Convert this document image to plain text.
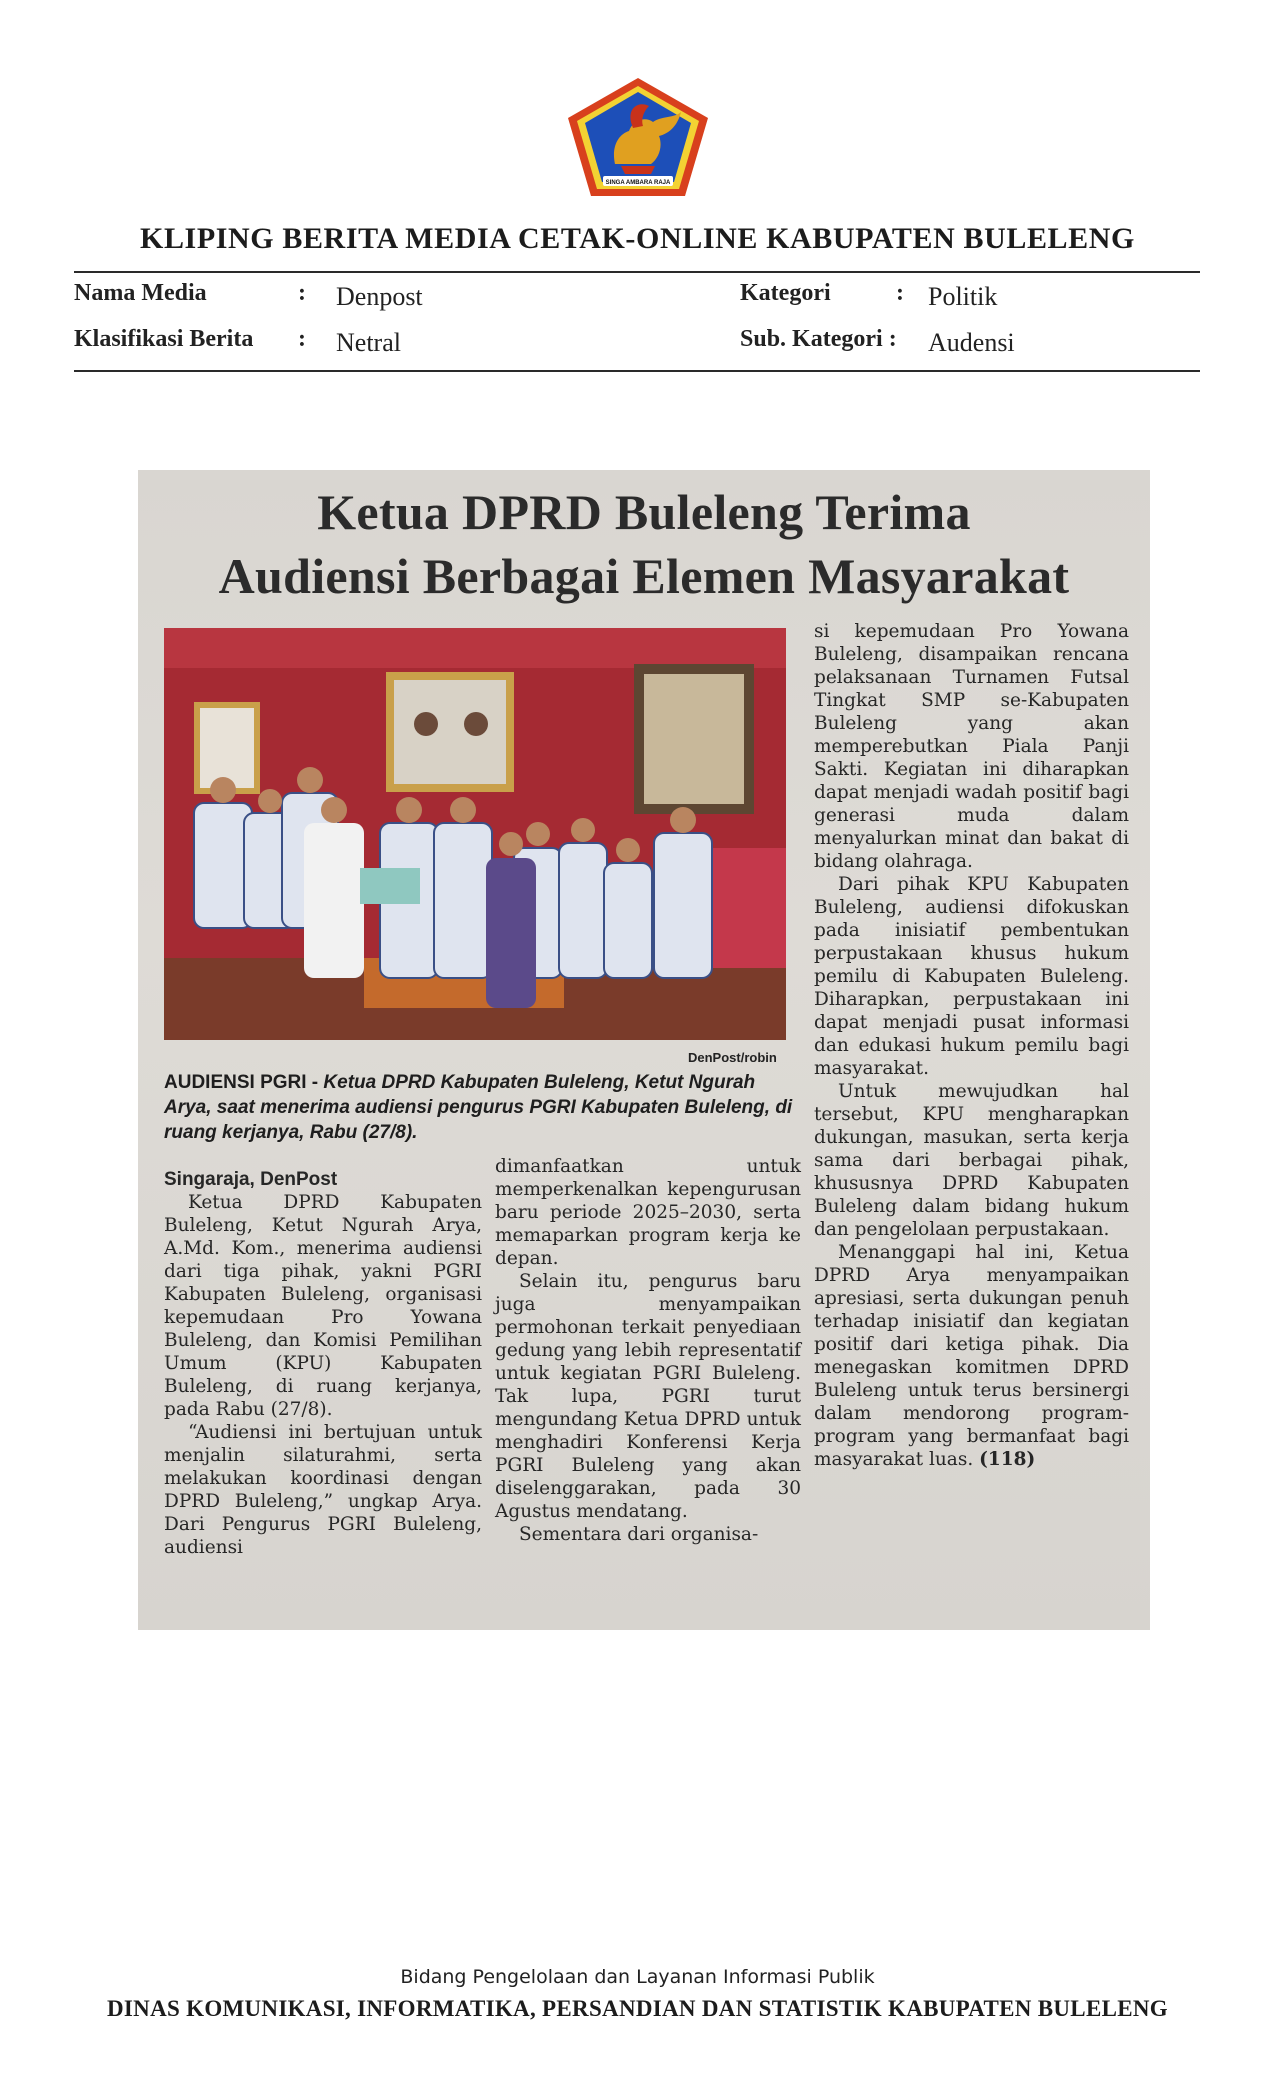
SINGA AMBARA RAJA
KLIPING BERITA MEDIA CETAK-ONLINE KABUPATEN BULELENG
Nama Media	: Denpost	Kategori	: Politik
Klasifikasi Berita : Netral	Sub. Kategori : Audensi
Ketua DPRD Buleleng Terima
Audiensi Berbagai Elemen Masyarakat
DenPost/robin
AUDIENSI PGRI - Ketua DPRD Kabupaten Buleleng, Ketut Ngurah Arya, saat menerima audiensi pengurus PGRI Kabupaten Buleleng, di ruang kerjanya, Rabu (27/8).

Singaraja, DenPost

Ketua DPRD Kabupaten Buleleng, Ketut Ngurah Arya, A.Md. Kom., menerima audiensi dari tiga pihak, yakni PGRI Kabupaten Buleleng, organisasi kepemudaan Pro Yowana Buleleng, dan Komisi Pemilihan Umum (KPU) Kabupaten Buleleng, di ruang kerjanya, pada Rabu (27/8).

“Audiensi ini bertujuan untuk menjalin silaturahmi, serta melakukan koordinasi dengan DPRD Buleleng,” ungkap Arya. Dari Pengurus PGRI Buleleng, audiensi

dimanfaatkan untuk memperkenalkan kepengurusan baru periode 2025–2030, serta memaparkan program kerja ke depan.

Selain itu, pengurus baru juga menyampaikan permohonan terkait penyediaan gedung yang lebih representatif untuk kegiatan PGRI Buleleng. Tak lupa, PGRI turut mengundang Ketua DPRD untuk menghadiri Konferensi Kerja PGRI Buleleng yang akan diselenggarakan, pada 30 Agustus mendatang.

Sementara dari organisa-

si kepemudaan Pro Yowana Buleleng, disampaikan rencana pelaksanaan Turnamen Futsal Tingkat SMP se-Kabupaten Buleleng yang akan memperebutkan Piala Panji Sakti. Kegiatan ini diharapkan dapat menjadi wadah positif bagi generasi muda dalam menyalurkan minat dan bakat di bidang olahraga.

Dari pihak KPU Kabupaten Buleleng, audiensi difokuskan pada inisiatif pembentukan perpustakaan khusus hukum pemilu di Kabupaten Buleleng. Diharapkan, perpustakaan ini dapat menjadi pusat informasi dan edukasi hukum pemilu bagi masyarakat.

Untuk mewujudkan hal tersebut, KPU mengharapkan dukungan, masukan, serta kerja sama dari berbagai pihak, khususnya DPRD Kabupaten Buleleng dalam bidang hukum dan pengelolaan perpustakaan.

Menanggapi hal ini, Ketua DPRD Arya menyampaikan apresiasi, serta dukungan penuh terhadap inisiatif dan kegiatan positif dari ketiga pihak. Dia menegaskan komitmen DPRD Buleleng untuk terus bersinergi dalam mendorong program-program yang bermanfaat bagi masyarakat luas. (118)

Bidang Pengelolaan dan Layanan Informasi Publik
DINAS KOMUNIKASI, INFORMATIKA, PERSANDIAN DAN STATISTIK KABUPATEN BULELENG
